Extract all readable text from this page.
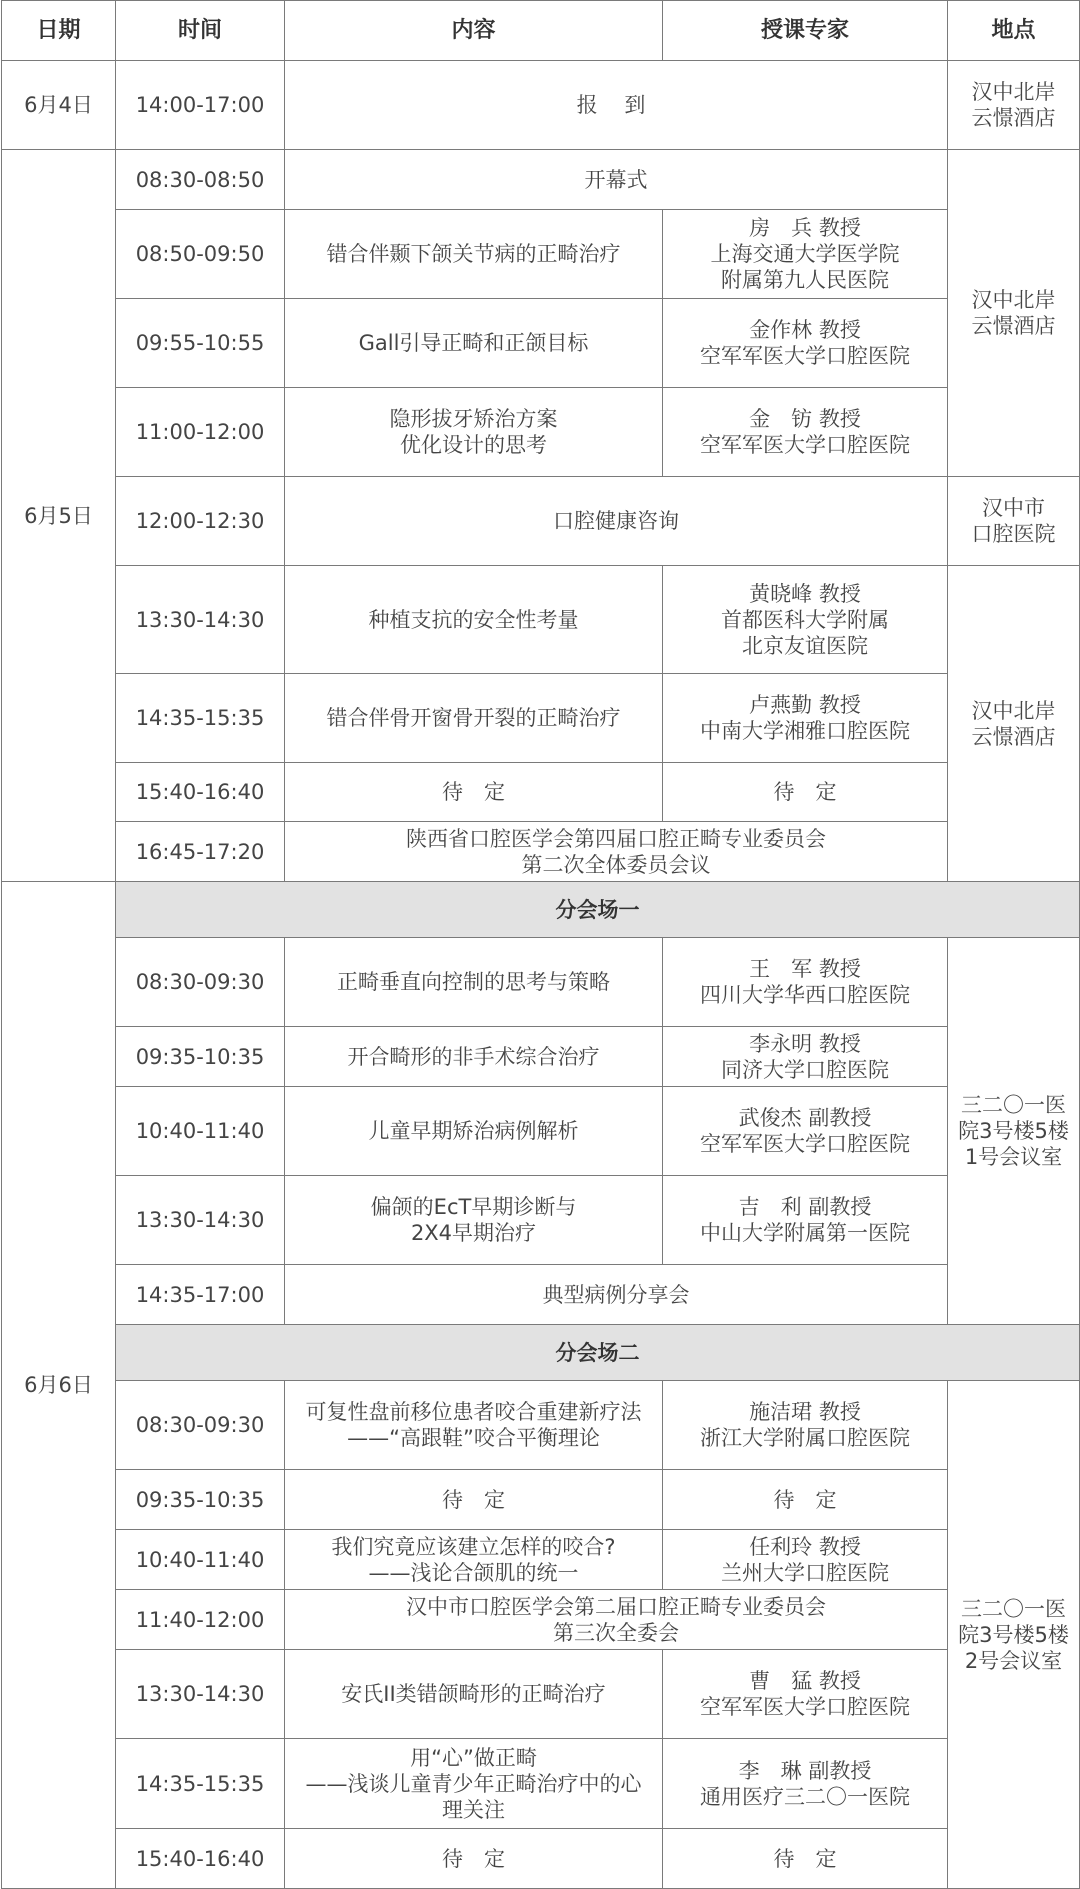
日期	时间	内容	授课专家	地点
6月4日	14:00-17:00	报 到		汉中北岸
云憬酒店
6月5日	08:30-08:50	开幕式		汉中北岸
云憬酒店
	08:50-09:50	错合伴颞下颌关节病的正畸治疗	房　兵 教授
上海交通大学医学院
附属第九人民医院	
	09:55-10:55	Gall引导正畸和正颌目标	金作林 教授
空军军医大学口腔医院	
	11:00-12:00	隐形拔牙矫治方案
优化设计的思考	金　钫 教授
空军军医大学口腔医院	
	12:00-12:30	口腔健康咨询		汉中市
口腔医院
	13:30-14:30	种植支抗的安全性考量	黄晓峰 教授
首都医科大学附属
北京友谊医院	汉中北岸
云憬酒店
	14:35-15:35	错合伴骨开窗骨开裂的正畸治疗	卢燕勤 教授
中南大学湘雅口腔医院	
	15:40-16:40	待　定	待　定	
	16:45-17:20	陕西省口腔医学会第四届口腔正畸专业委员会
第二次全体委员会议		
6月6日	分会场一			
	08:30-09:30	正畸垂直向控制的思考与策略	王　军 教授
四川大学华西口腔医院	三二〇一医
院3号楼5楼
1号会议室
	09:35-10:35	开合畸形的非手术综合治疗	李永明 教授
同济大学口腔医院	
	10:40-11:40	儿童早期矫治病例解析	武俊杰 副教授
空军军医大学口腔医院	
	13:30-14:30	偏颌的EcT早期诊断与
2X4早期治疗	吉　利 副教授
中山大学附属第一医院	
	14:35-17:00	典型病例分享会		
	分会场二			
	08:30-09:30	可复性盘前移位患者咬合重建新疗法
——“高跟鞋”咬合平衡理论	施洁珺 教授
浙江大学附属口腔医院	三二〇一医
院3号楼5楼
2号会议室
	09:35-10:35	待　定	待　定	
	10:40-11:40	我们究竟应该建立怎样的咬合?
——浅论合颌肌的统一	任利玲 教授
兰州大学口腔医院	
	11:40-12:00	汉中市口腔医学会第二届口腔正畸专业委员会
第三次全委会		
	13:30-14:30	安氏II类错颌畸形的正畸治疗	曹　猛 教授
空军军医大学口腔医院	
	14:35-15:35	用“心”做正畸
——浅谈儿童青少年正畸治疗中的心
理关注	李　琳 副教授
通用医疗三二〇一医院	
	15:40-16:40	待　定	待　定	
